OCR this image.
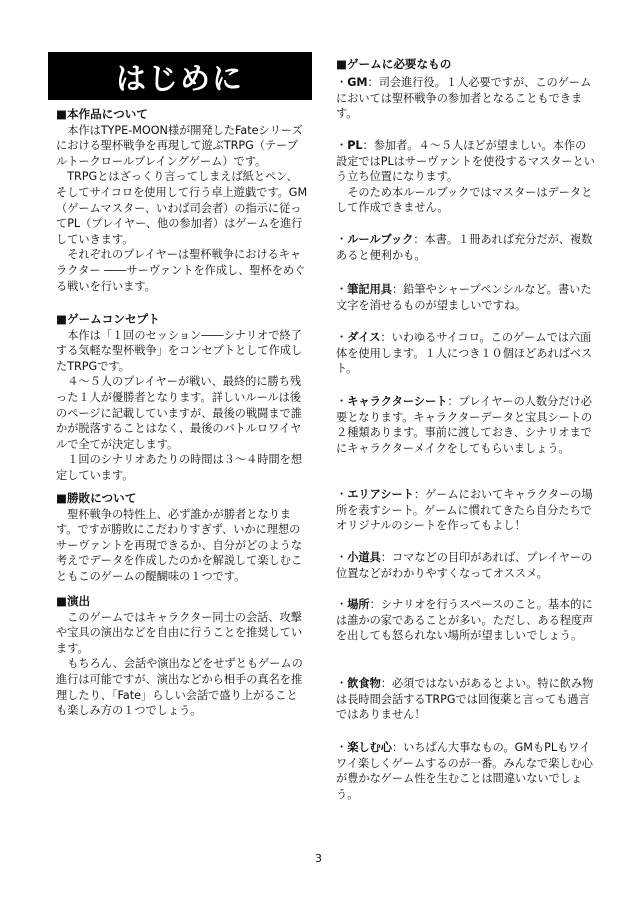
はじめに
■本作品について

本作はTYPE-MOON様が開発したFateシリーズにおける聖杯戦争を再現して遊ぶTRPG（テーブルトークロールプレイングゲーム）です。

TRPGとはざっくり言ってしまえば紙とペン、そしてサイコロを使用して行う卓上遊戯です。GM（ゲームマスター、いわば司会者）の指示に従ってPL（プレイヤー、他の参加者）はゲームを進行していきます。

それぞれのプレイヤーは聖杯戦争におけるキャラクター ――サーヴァントを作成し、聖杯をめぐる戦いを行います。

■ゲームコンセプト

本作は「１回のセッション――シナリオで終了する気軽な聖杯戦争」をコンセプトとして作成したTRPGです。

４～５人のプレイヤーが戦い、最終的に勝ち残った１人が優勝者となります。詳しいルールは後のページに記載していますが、最後の戦闘まで誰かが脱落することはなく、最後のバトルロワイヤルで全てが決定します。

１回のシナリオあたりの時間は３～４時間を想定しています。

■勝敗について

聖杯戦争の特性上、必ず誰かが勝者となります。ですが勝敗にこだわりすぎず、いかに理想のサーヴァントを再現できるか、自分がどのような考えでデータを作成したのかを解説して楽しむこともこのゲームの醍醐味の１つです。

■演出

このゲームではキャラクター同士の会話、攻撃や宝具の演出などを自由に行うことを推奨しています。

もちろん、会話や演出などをせずともゲームの進行は可能ですが、演出などから相手の真名を推理したり、「Fate」らしい会話で盛り上がることも楽しみ方の１つでしょう。

■ゲームに必要なもの

・GM：司会進行役。１人必要ですが、このゲームにおいては聖杯戦争の参加者となることもできます。

・PL：参加者。４～５人ほどが望ましい。本作の設定ではPLはサーヴァントを使役するマスターという立ち位置になります。

そのため本ルールブックではマスターはデータとして作成できません。

・ルールブック：本書。１冊あれば充分だが、複数あると便利かも。

・筆記用具：鉛筆やシャープペンシルなど。書いた文字を消せるものが望ましいですね。

・ダイス：いわゆるサイコロ。このゲームでは六面体を使用します。１人につき１０個ほどあればベスト。

・キャラクターシート：プレイヤーの人数分だけ必要となります。キャラクターデータと宝具シートの２種類あります。事前に渡しておき、シナリオまでにキャラクターメイクをしてもらいましょう。

・エリアシート：ゲームにおいてキャラクターの場所を表すシート。ゲームに慣れてきたら自分たちでオリジナルのシートを作ってもよし！

・小道具：コマなどの目印があれば、プレイヤーの位置などがわかりやすくなってオススメ。

・場所：シナリオを行うスペースのこと。基本的には誰かの家であることが多い。ただし、ある程度声を出しても怒られない場所が望ましいでしょう。

・飲食物：必須ではないがあるとよい。特に飲み物は長時間会話するTRPGでは回復薬と言っても過言ではありません！

・楽しむ心：いちばん大事なもの。GMもPLもワイワイ楽しくゲームするのが一番。みんなで楽しむ心が豊かなゲーム性を生むことは間違いないでしょう。

3
